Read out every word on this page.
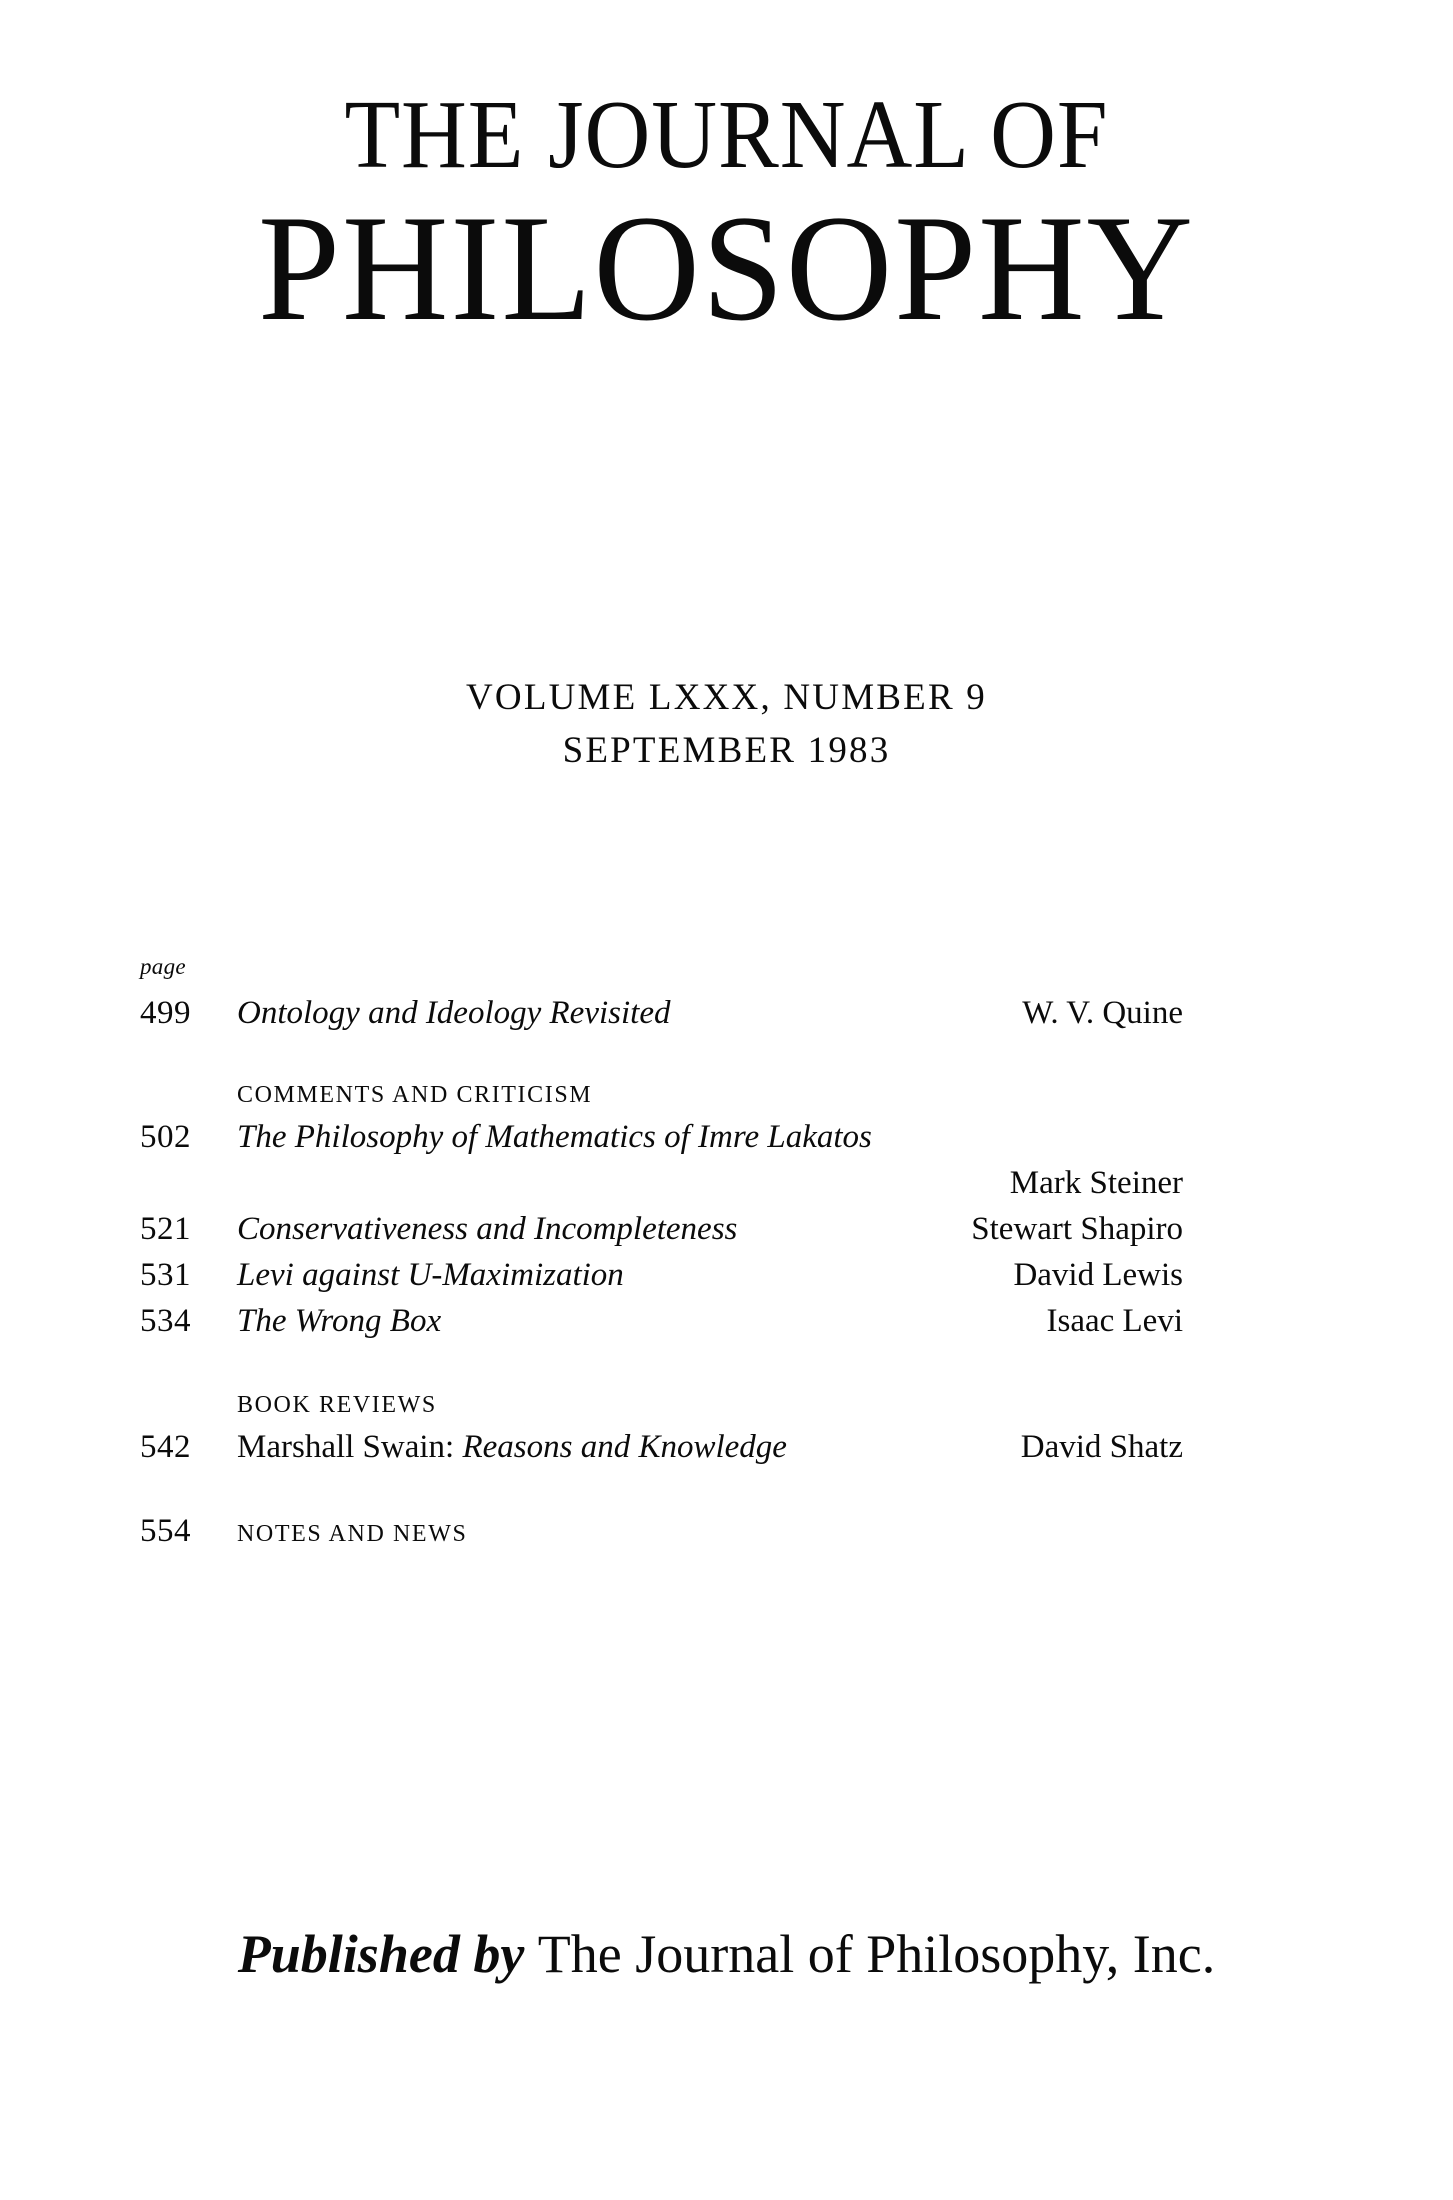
THE JOURNAL OF
PHILOSOPHY
VOLUME LXXX, NUMBER 9
SEPTEMBER 1983
page
499	Ontology and Ideology Revisited	W. V. Quine
COMMENTS AND CRITICISM
502	The Philosophy of Mathematics of Imre Lakatos
Mark Steiner
521	Conservativeness and Incompleteness	Stewart Shapiro
531	Levi against U-Maximization	David Lewis
534	The Wrong Box	Isaac Levi
BOOK REVIEWS
542	Marshall Swain: Reasons and Knowledge	David Shatz
554	NOTES AND NEWS
Published by The Journal of Philosophy, Inc.
